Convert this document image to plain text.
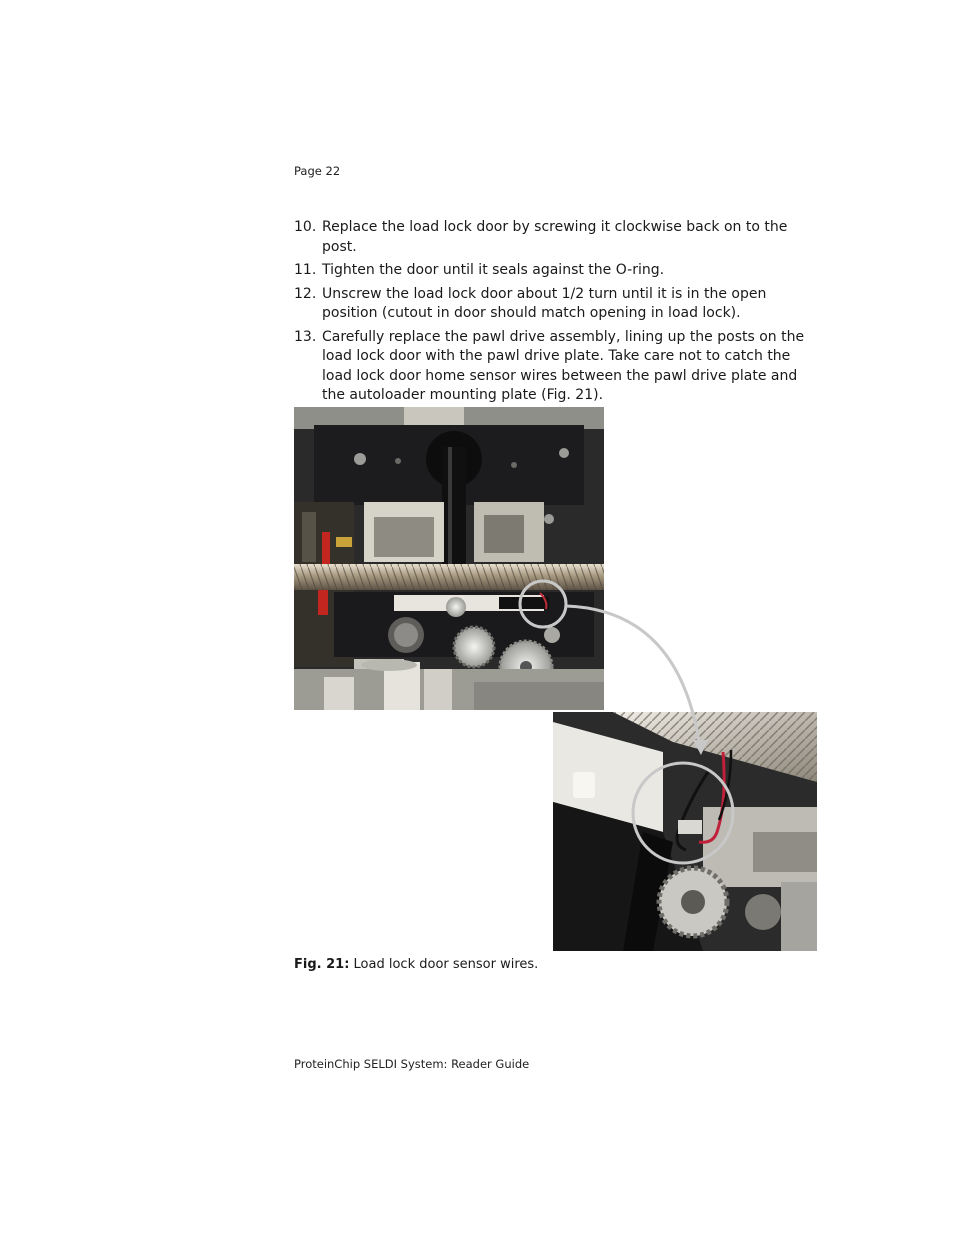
Page 22
10. Replace the load lock door by screwing it clockwise back on to the post.
11. Tighten the door until it seals against the O-ring.
12. Unscrew the load lock door about 1/2 turn until it is in the open position (cutout in door should match opening in load lock).
13. Carefully replace the pawl drive assembly, lining up the posts on the load lock door with the pawl drive plate. Take care not to catch the load lock door home sensor wires between the pawl drive plate and the autoloader mounting plate (Fig. 21).
Fig. 21: Load lock door sensor wires.
ProteinChip SELDI System: Reader Guide
